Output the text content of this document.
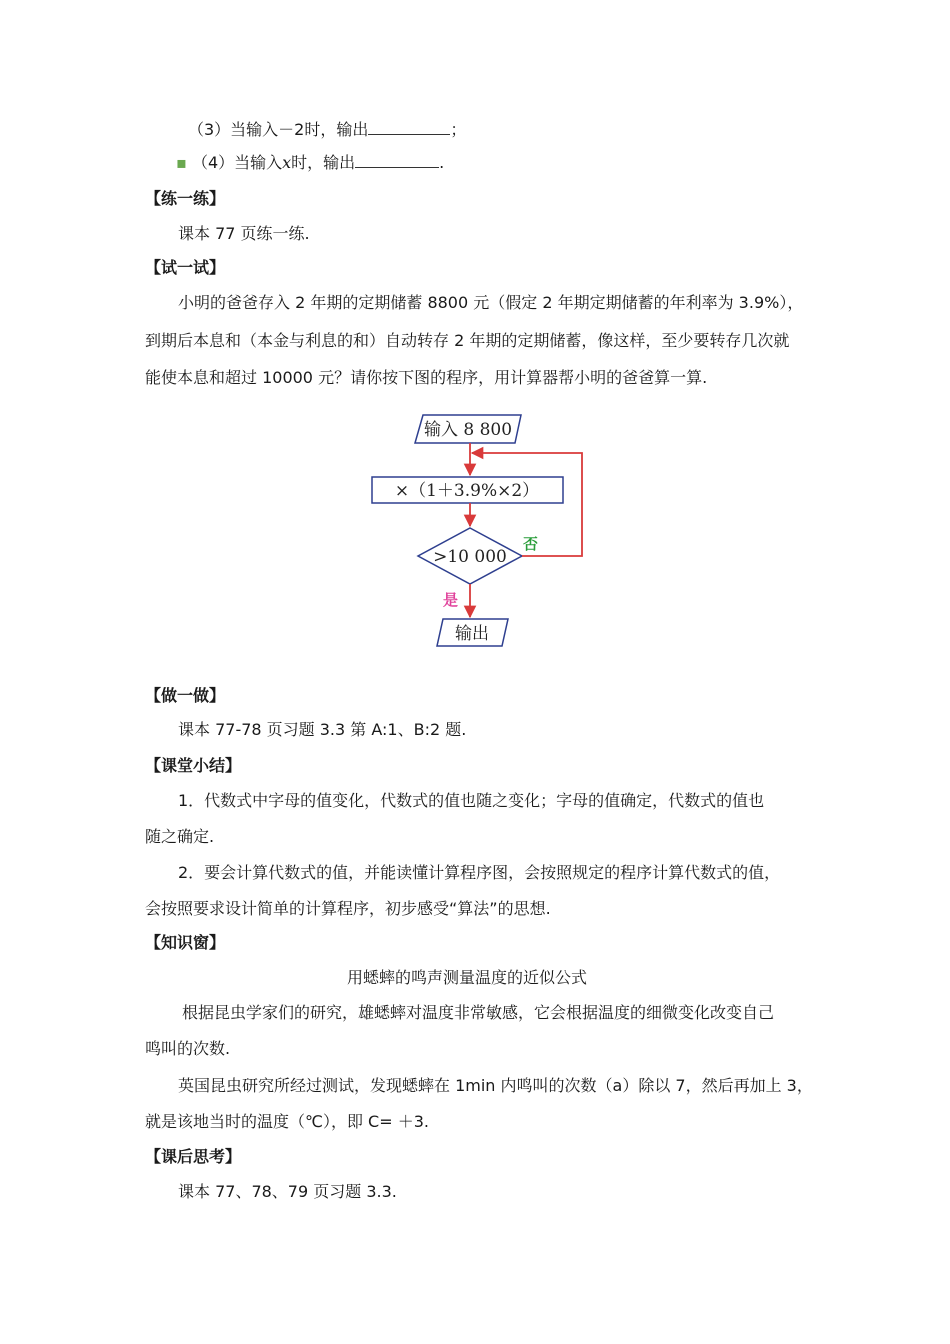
（3）当输入－2时，输出	；
▪ （4）当输入x时，输出	.
【练一练】
课本 77 页练一练.
【试一试】
小明的爸爸存入 2 年期的定期储蓄 8800 元（假定 2 年期定期储蓄的年利率为 3.9%），
到期后本息和（本金与利息的和）自动转存 2 年期的定期储蓄，像这样，至少要转存几次就
能使本息和超过 10000 元？请你按下图的程序，用计算器帮小明的爸爸算一算.
输入 8 800
×（1＋3.9%×2）
>10 000
否
是
输出
【做一做】
课本 77-78 页习题 3.3 第 A:1、B:2 题.
【课堂小结】
1．代数式中字母的值变化，代数式的值也随之变化；字母的值确定，代数式的值也
随之确定.
2．要会计算代数式的值，并能读懂计算程序图，会按照规定的程序计算代数式的值，
会按照要求设计简单的计算程序，初步感受“算法”的思想.
【知识窗】
用蟋蟀的鸣声测量温度的近似公式
根据昆虫学家们的研究，雄蟋蟀对温度非常敏感，它会根据温度的细微变化改变自己
鸣叫的次数.
英国昆虫研究所经过测试，发现蟋蟀在 1min 内鸣叫的次数（a）除以 7，然后再加上 3，
就是该地当时的温度（℃），即 C= ＋3.
【课后思考】
课本 77、78、79 页习题 3.3.
